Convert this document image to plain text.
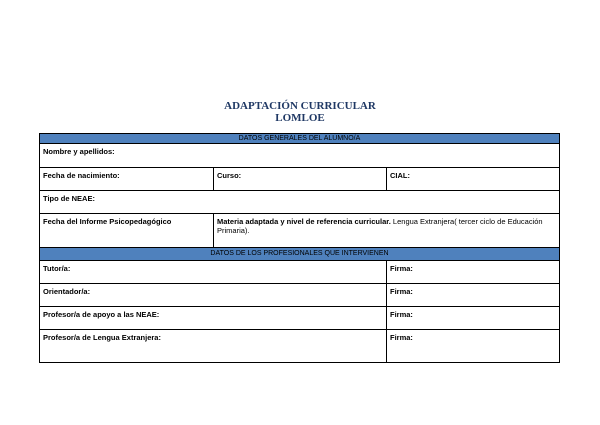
ADAPTACIÓN CURRICULAR
LOMLOE
DATOS GENERALES DEL ALUMNO/A
Nombre y apellidos:
Fecha de nacimiento:	Curso:	CIAL:
Tipo de NEAE:
Fecha del Informe Psicopedagógico	Materia adaptada y nivel de referencia curricular. Lengua Extranjera( tercer ciclo de Educación Primaria).
DATOS DE LOS PROFESIONALES QUE INTERVIENEN
Tutor/a:	Firma:
Orientador/a:	Firma:
Profesor/a de apoyo a las NEAE:	Firma:
Profesor/a de Lengua Extranjera:	Firma:
